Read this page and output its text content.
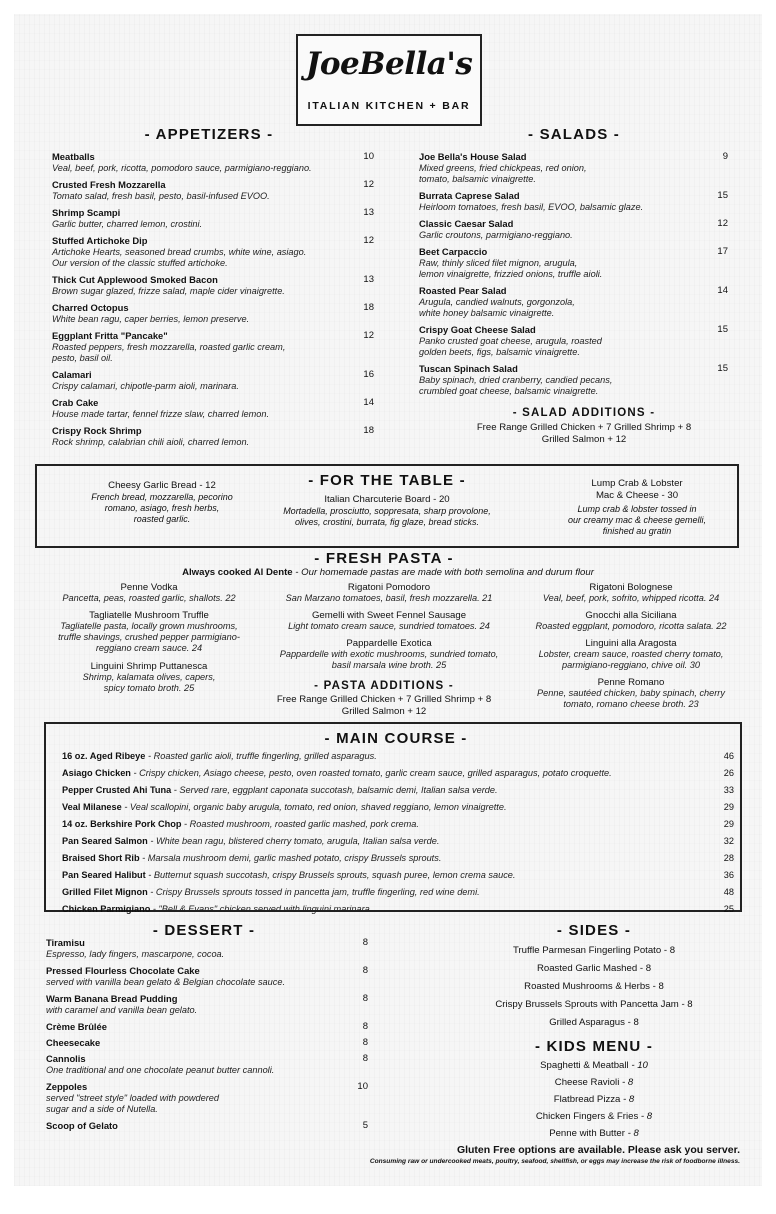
JoeBella's
ITALIAN KITCHEN + BAR
- APPETIZERS -
Meatballs
Veal, beef, pork, ricotta, pomodoro sauce, parmigiano-reggiano.
10
Crusted Fresh Mozzarella
Tomato salad, fresh basil, pesto, basil-infused EVOO.
12
Shrimp Scampi
Garlic butter, charred lemon, crostini.
13
Stuffed Artichoke Dip
Artichoke Hearts, seasoned bread crumbs, white wine, asiago.
Our version of the classic stuffed artichoke.
12
Thick Cut Applewood Smoked Bacon
Brown sugar glazed, frizze salad, maple cider vinaigrette.
13
Charred Octopus
White bean ragu, caper berries, lemon preserve.
18
Eggplant Fritta "Pancake"
Roasted peppers, fresh mozzarella, roasted garlic cream,
pesto, basil oil.
12
Calamari
Crispy calamari, chipotle-parm aioli, marinara.
16
Crab Cake
House made tartar, fennel frizze slaw, charred lemon.
14
Crispy Rock Shrimp
Rock shrimp, calabrian chili aioli, charred lemon.
18
- SALADS -
Joe Bella's House Salad
Mixed greens, fried chickpeas, red onion,
tomato, balsamic vinaigrette.
9
Burrata Caprese Salad
Heirloom tomatoes, fresh basil, EVOO, balsamic glaze.
15
Classic Caesar Salad
Garlic croutons, parmigiano-reggiano.
12
Beet Carpaccio
Raw, thinly sliced filet mignon, arugula,
lemon vinaigrette, frizzied onions, truffle aioli.
17
Roasted Pear Salad
Arugula, candied walnuts, gorgonzola,
white honey balsamic vinaigrette.
14
Crispy Goat Cheese Salad
Panko crusted goat cheese, arugula, roasted
golden beets, figs, balsamic vinaigrette.
15
Tuscan Spinach Salad
Baby spinach, dried cranberry, candied pecans,
crumbled goat cheese, balsamic vinaigrette.
15
- SALAD ADDITIONS -
Free Range Grilled Chicken + 7 Grilled Shrimp + 8
Grilled Salmon + 12
- FOR THE TABLE -
Cheesy Garlic Bread - 12
French bread, mozzarella, pecorino
romano, asiago, fresh herbs,
roasted garlic.
Italian Charcuterie Board - 20
Mortadella, prosciutto, soppresata, sharp provolone,
olives, crostini, burrata, fig glaze, bread sticks.
Lump Crab & Lobster
Mac & Cheese - 30
Lump crab & lobster tossed in
our creamy mac & cheese gemelli,
finished au gratin
- FRESH PASTA -
Always cooked Al Dente - Our homemade pastas are made with both semolina and durum flour
Penne Vodka
Pancetta, peas, roasted garlic, shallots. 22
Tagliatelle Mushroom Truffle
Tagliatelle pasta, locally grown mushrooms,
truffle shavings, crushed pepper parmigiano-
reggiano cream sauce. 24
Linguini Shrimp Puttanesca
Shrimp, kalamata olives, capers,
spicy tomato broth. 25
Rigatoni Pomodoro
San Marzano tomatoes, basil, fresh mozzarella. 21
Gemelli with Sweet Fennel Sausage
Light tomato cream sauce, sundried tomatoes. 24
Pappardelle Exotica
Pappardelle with exotic mushrooms, sundried tomato,
basil marsala wine broth. 25
Rigatoni Bolognese
Veal, beef, pork, sofrito, whipped ricotta. 24
Gnocchi alla Siciliana
Roasted eggplant, pomodoro, ricotta salata. 22
Linguini alla Aragosta
Lobster, cream sauce, roasted cherry tomato,
parmigiano-reggiano, chive oil. 30
Penne Romano
Penne, sautéed chicken, baby spinach, cherry
tomato, romano cheese broth. 23
- PASTA ADDITIONS -
Free Range Grilled Chicken + 7 Grilled Shrimp + 8
Grilled Salmon + 12
- MAIN COURSE -
16 oz. Aged Ribeye - Roasted garlic aioli, truffle fingerling, grilled asparagus.	46
Asiago Chicken - Crispy chicken, Asiago cheese, pesto, oven roasted tomato, garlic cream sauce, grilled asparagus, potato croquette.	26
Pepper Crusted Ahi Tuna - Served rare, eggplant caponata succotash, balsamic demi, Italian salsa verde.	33
Veal Milanese - Veal scallopini, organic baby arugula, tomato, red onion, shaved reggiano, lemon vinaigrette.	29
14 oz. Berkshire Pork Chop - Roasted mushroom, roasted garlic mashed, pork crema.	29
Pan Seared Salmon - White bean ragu, blistered cherry tomato, arugula, Italian salsa verde.	32
Braised Short Rib - Marsala mushroom demi, garlic mashed potato, crispy Brussels sprouts.	28
Pan Seared Halibut - Butternut squash succotash, crispy Brussels sprouts, squash puree, lemon crema sauce.	36
Grilled Filet Mignon - Crispy Brussels sprouts tossed in pancetta jam, truffle fingerling, red wine demi.	48
Chicken Parmigiano - "Bell & Evans" chicken served with linguini marinara.	25
- DESSERT -
Tiramisu
Espresso, lady fingers, mascarpone, cocoa.
8
Pressed Flourless Chocolate Cake
served with vanilla bean gelato & Belgian chocolate sauce.
8
Warm Banana Bread Pudding
with caramel and vanilla bean gelato.
8
Crème Brûlée	8
Cheesecake	8
Cannolis
One traditional and one chocolate peanut butter cannoli.
8
Zeppoles
served "street style" loaded with powdered
sugar and a side of Nutella.
10
Scoop of Gelato	5
- SIDES -
Truffle Parmesan Fingerling Potato - 8
Roasted Garlic Mashed - 8
Roasted Mushrooms & Herbs - 8
Crispy Brussels Sprouts with Pancetta Jam - 8
Grilled Asparagus - 8
- KIDS MENU -
Spaghetti & Meatball - 10
Cheese Ravioli - 8
Flatbread Pizza - 8
Chicken Fingers & Fries - 8
Penne with Butter - 8
Gluten Free options are available. Please ask you server.
Consuming raw or undercooked meats, poultry, seafood, shellfish, or eggs may increase the risk of foodborne illness.
